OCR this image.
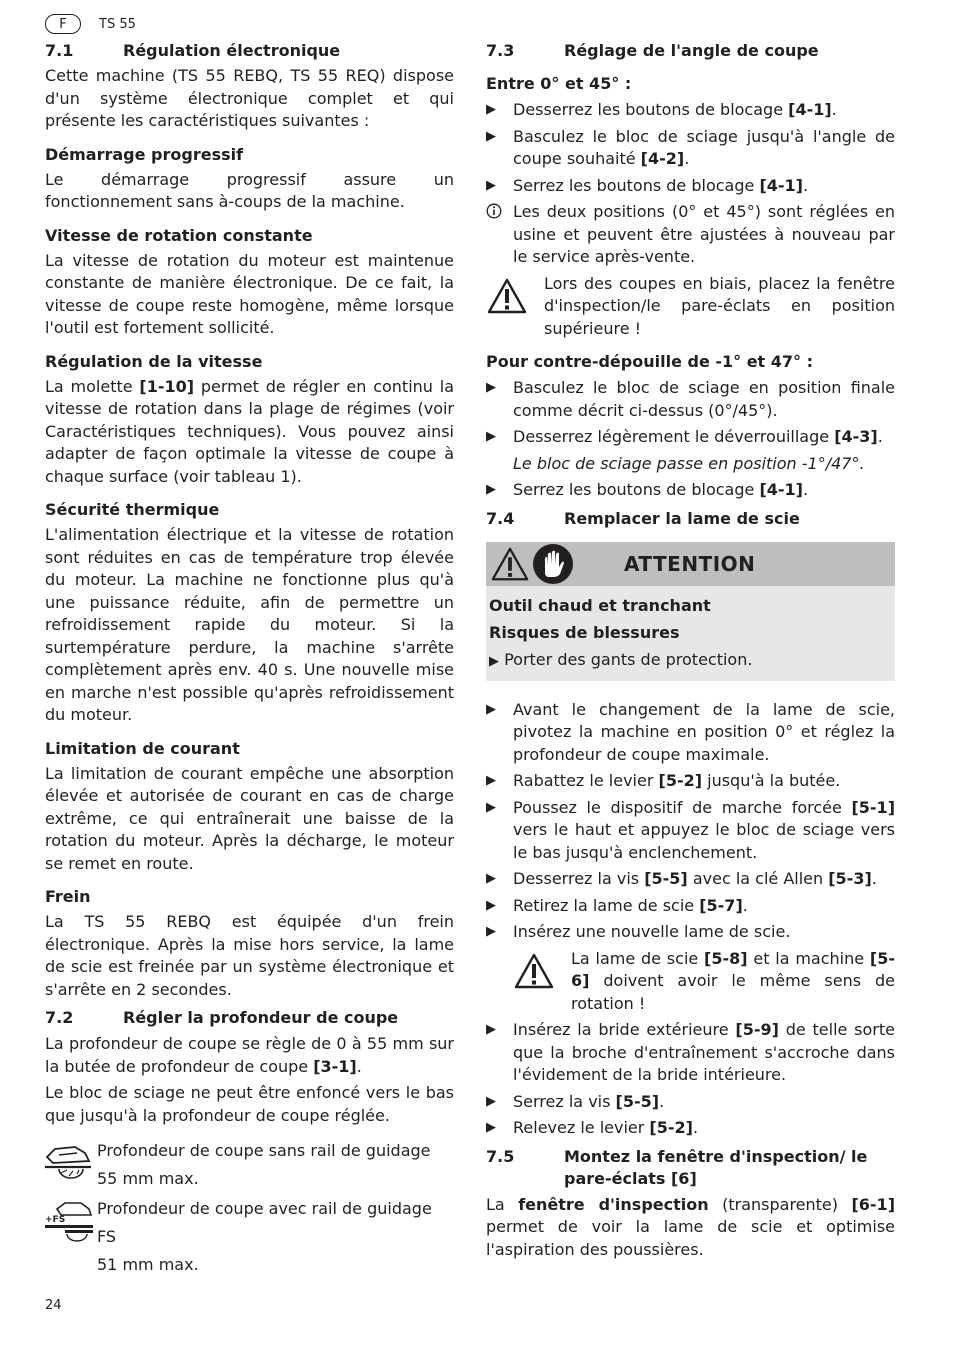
F	TS 55
7.1	Régulation électronique

Cette machine (TS 55 REBQ, TS 55 REQ) dispose d'un système électronique complet et qui présente les caractéristiques suivantes :

Démarrage progressif

Le démarrage progressif assure un fonctionnement sans à-coups de la machine.

Vitesse de rotation constante

La vitesse de rotation du moteur est maintenue constante de manière électronique. De ce fait, la vitesse de coupe reste homogène, même lorsque l'outil est fortement sollicité.

Régulation de la vitesse

La molette [1-10] permet de régler en continu la vitesse de rotation dans la plage de régimes (voir Caractéristiques techniques). Vous pouvez ainsi adapter de façon optimale la vitesse de coupe à chaque surface (voir tableau 1).

Sécurité thermique

L'alimentation électrique et la vitesse de rotation sont réduites en cas de température trop élevée du moteur. La machine ne fonctionne plus qu'à une puissance réduite, afin de permettre un refroidissement rapide du moteur. Si la surtempérature perdure, la machine s'arrête complètement après env. 40 s. Une nouvelle mise en marche n'est possible qu'après refroidissement du moteur.

Limitation de courant

La limitation de courant empêche une absorption élevée et autorisée de courant en cas de charge extrême, ce qui entraînerait une baisse de la rotation du moteur. Après la décharge, le moteur se remet en route.

Frein

La TS 55 REBQ est équipée d'un frein électronique. Après la mise hors service, la lame de scie est freinée par un système électronique et s'arrête en 2 secondes.

7.2	Régler la profondeur de coupe

La profondeur de coupe se règle de 0 à 55 mm sur la butée de profondeur de coupe [3-1].

Le bloc de sciage ne peut être enfoncé vers le bas que jusqu'à la profondeur de coupe réglée.

Profondeur de coupe sans rail de guidage
55 mm max.
+FS
Profondeur de coupe avec rail de guidage FS
51 mm max.
7.3	Réglage de l'angle de coupe
Entre 0° et 45° :
▶	Desserrez les boutons de blocage [4-1].
▶	Basculez le bloc de sciage jusqu'à l'angle de coupe souhaité [4-2].
▶	Serrez les boutons de blocage [4-1].
Les deux positions (0° et 45°) sont réglées en usine et peuvent être ajustées à nouveau par le service après-vente.
Lors des coupes en biais, placez la fenêtre d'inspection/le pare-éclats en position supérieure !
Pour contre-dépouille de -1° et 47° :
▶	Basculez le bloc de sciage en position finale comme décrit ci-dessus (0°/45°).
▶	Desserrez légèrement le déverrouillage [4-3].
Le bloc de sciage passe en position -1°/47°.
▶	Serrez les boutons de blocage [4-1].
7.4	Remplacer la lame de scie
ATTENTION
Outil chaud et tranchant
Risques de blessures
▶ Porter des gants de protection.
▶	Avant le changement de la lame de scie, pivotez la machine en position 0° et réglez la profondeur de coupe maximale.
▶	Rabattez le levier [5-2] jusqu'à la butée.
▶	Poussez le dispositif de marche forcée [5-1] vers le haut et appuyez le bloc de sciage vers le bas jusqu'à enclenchement.
▶	Desserrez la vis [5-5] avec la clé Allen [5-3].
▶	Retirez la lame de scie [5-7].
▶	Insérez une nouvelle lame de scie.
La lame de scie [5-8] et la machine [5-6] doivent avoir le même sens de rotation !
▶	Insérez la bride extérieure [5-9] de telle sorte que la broche d'entraînement s'accroche dans l'évidement de la bride intérieure.
▶	Serrez la vis [5-5].
▶	Relevez le levier [5-2].
7.5	Montez la fenêtre d'inspection/ le pare-éclats [6]

La fenêtre d'inspection (transparente) [6-1] permet de voir la lame de scie et optimise l'aspiration des poussières.

24
